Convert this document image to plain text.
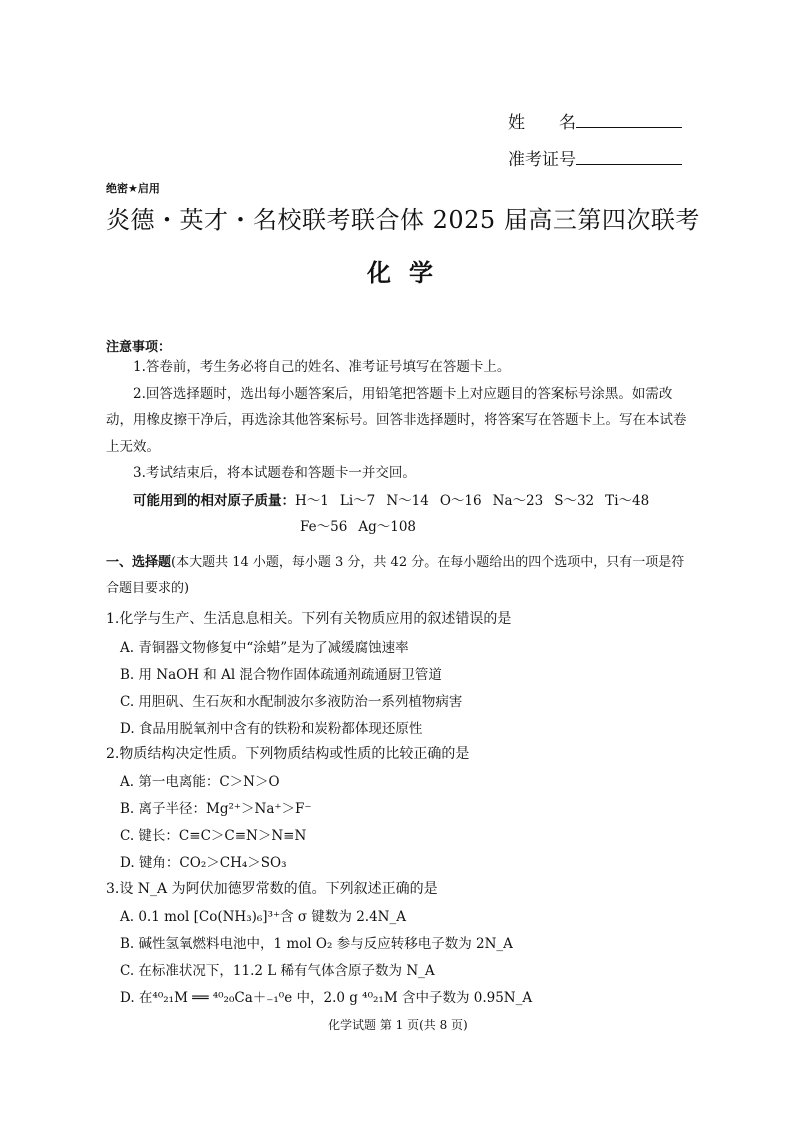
姓　　名
准考证号
绝密★启用
炎德・英才・名校联考联合体 2025 届高三第四次联考
化学
注意事项：
1.答卷前，考生务必将自己的姓名、准考证号填写在答题卡上。
2.回答选择题时，选出每小题答案后，用铅笔把答题卡上对应题目的答案标号涂黑。如需改动，用橡皮擦干净后，再选涂其他答案标号。回答非选择题时，将答案写在答题卡上。写在本试卷上无效。
3.考试结束后，将本试题卷和答题卡一并交回。
可能用到的相对原子质量：H～1  Li～7  N～14  O～16  Na～23  S～32  Ti～48
Fe～56  Ag～108
一、选择题(本大题共 14 小题，每小题 3 分，共 42 分。在每小题给出的四个选项中，只有一项是符合题目要求的)
1.化学与生产、生活息息相关。下列有关物质应用的叙述错误的是
A. 青铜器文物修复中“涂蜡”是为了减缓腐蚀速率
B. 用 NaOH 和 Al 混合物作固体疏通剂疏通厨卫管道
C. 用胆矾、生石灰和水配制波尔多液防治一系列植物病害
D. 食品用脱氧剂中含有的铁粉和炭粉都体现还原性
2.物质结构决定性质。下列物质结构或性质的比较正确的是
A. 第一电离能：C＞N＞O
B. 离子半径：Mg²⁺＞Na⁺＞F⁻
C. 键长：C≡C＞C≡N＞N≡N
D. 键角：CO₂＞CH₄＞SO₃
3.设 N_A 为阿伏加德罗常数的值。下列叙述正确的是
A. 0.1 mol [Co(NH₃)₆]³⁺含 σ 键数为 2.4N_A
B. 碱性氢氧燃料电池中，1 mol O₂ 参与反应转移电子数为 2N_A
C. 在标准状况下，11.2 L 稀有气体含原子数为 N_A
D. 在⁴⁰₂₁M ══ ⁴⁰₂₀Ca＋₋₁⁰e 中，2.0 g ⁴⁰₂₁M 含中子数为 0.95N_A
化学试题 第 1 页(共 8 页)
